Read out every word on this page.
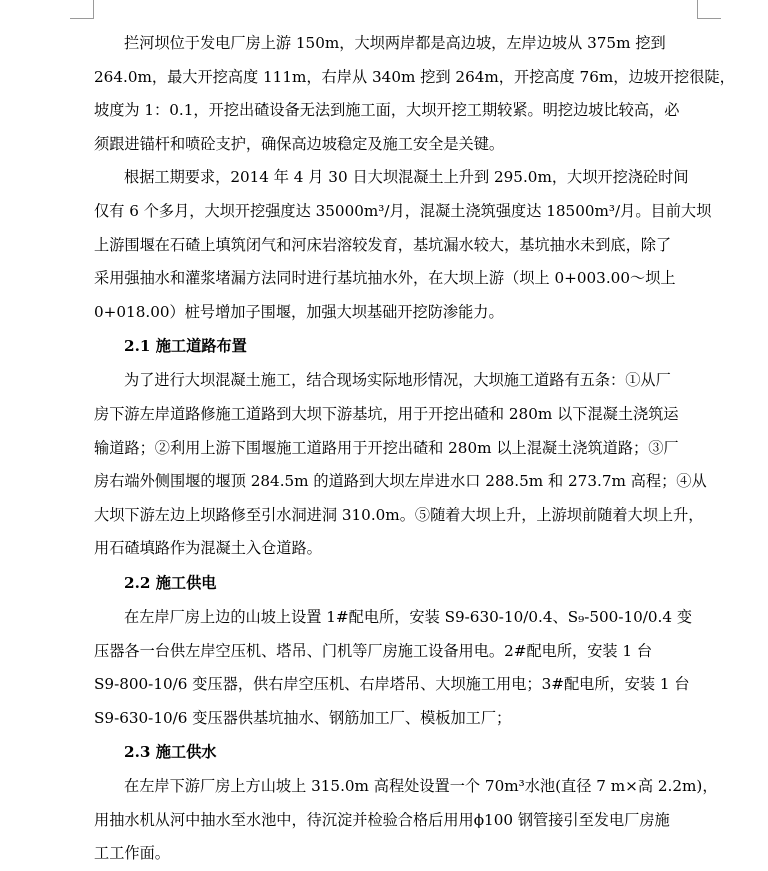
拦河坝位于发电厂房上游 150m，大坝两岸都是高边坡，左岸边坡从 375m 挖到
264.0m，最大开挖高度 111m，右岸从 340m 挖到 264m，开挖高度 76m，边坡开挖很陡，
坡度为 1：0.1，开挖出碴设备无法到施工面，大坝开挖工期较紧。明挖边坡比较高，必
须跟进锚杆和喷砼支护，确保高边坡稳定及施工安全是关键。

根据工期要求，2014 年 4 月 30 日大坝混凝土上升到 295.0m，大坝开挖浇砼时间
仅有 6 个多月，大坝开挖强度达 35000m³/月，混凝土浇筑强度达 18500m³/月。目前大坝
上游围堰在石碴上填筑闭气和河床岩溶较发育，基坑漏水较大，基坑抽水未到底，除了
采用强抽水和灌浆堵漏方法同时进行基坑抽水外，在大坝上游（坝上 0+003.00～坝上
0+018.00）桩号增加子围堰，加强大坝基础开挖防渗能力。

2.1 施工道路布置

为了进行大坝混凝土施工，结合现场实际地形情况，大坝施工道路有五条：①从厂
房下游左岸道路修施工道路到大坝下游基坑，用于开挖出碴和 280m 以下混凝土浇筑运
输道路；②利用上游下围堰施工道路用于开挖出碴和 280m 以上混凝土浇筑道路；③厂
房右端外侧围堰的堰顶 284.5m 的道路到大坝左岸进水口 288.5m 和 273.7m 高程；④从
大坝下游左边上坝路修至引水洞进洞 310.0m。⑤随着大坝上升，上游坝前随着大坝上升，
用石碴填路作为混凝土入仓道路。

2.2 施工供电

在左岸厂房上边的山坡上设置 1#配电所，安装 S9-630-10/0.4、S₉-500-10/0.4 变
压器各一台供左岸空压机、塔吊、门机等厂房施工设备用电。2#配电所，安装 1 台
S9-800-10/6 变压器，供右岸空压机、右岸塔吊、大坝施工用电；3#配电所，安装 1 台
S9-630-10/6 变压器供基坑抽水、钢筋加工厂、模板加工厂；

2.3 施工供水

在左岸下游厂房上方山坡上 315.0m 高程处设置一个 70m³水池(直径 7 m×高 2.2m)，
用抽水机从河中抽水至水池中，待沉淀并检验合格后用用ϕ100 钢管接引至发电厂房施
工工作面。
